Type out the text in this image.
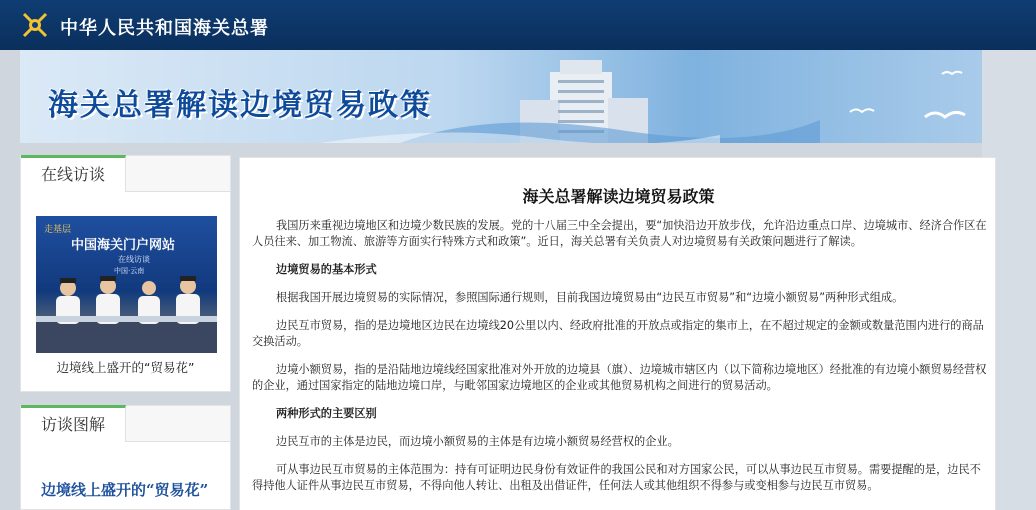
中华人民共和国海关总署
海关总署解读边境贸易政策
在线访谈
走基层
中国海关门户网站
在线访谈
中国·云南
边境线上盛开的“贸易花”
访谈图解
边境线上盛开的“贸易花”
海关总署解读边境贸易政策

我国历来重视边境地区和边境少数民族的发展。党的十八届三中全会提出，要“加快沿边开放步伐，允许沿边重点口岸、边境城市、经济合作区在人员往来、加工物流、旅游等方面实行特殊方式和政策”。近日，海关总署有关负责人对边境贸易有关政策问题进行了解读。

边境贸易的基本形式

根据我国开展边境贸易的实际情况，参照国际通行规则，目前我国边境贸易由“边民互市贸易”和“边境小额贸易”两种形式组成。

边民互市贸易，指的是边境地区边民在边境线20公里以内、经政府批准的开放点或指定的集市上，在不超过规定的金额或数量范围内进行的商品交换活动。

边境小额贸易，指的是沿陆地边境线经国家批准对外开放的边境县（旗）、边境城市辖区内（以下简称边境地区）经批准的有边境小额贸易经营权的企业，通过国家指定的陆地边境口岸，与毗邻国家边境地区的企业或其他贸易机构之间进行的贸易活动。

两种形式的主要区别

边民互市的主体是边民，而边境小额贸易的主体是有边境小额贸易经营权的企业。

可从事边民互市贸易的主体范围为：持有可证明边民身份有效证件的我国公民和对方国家公民，可以从事边民互市贸易。需要提醒的是，边民不得持他人证件从事边民互市贸易，不得向他人转让、出租及出借证件，任何法人或其他组织不得参与或变相参与边民互市贸易。
